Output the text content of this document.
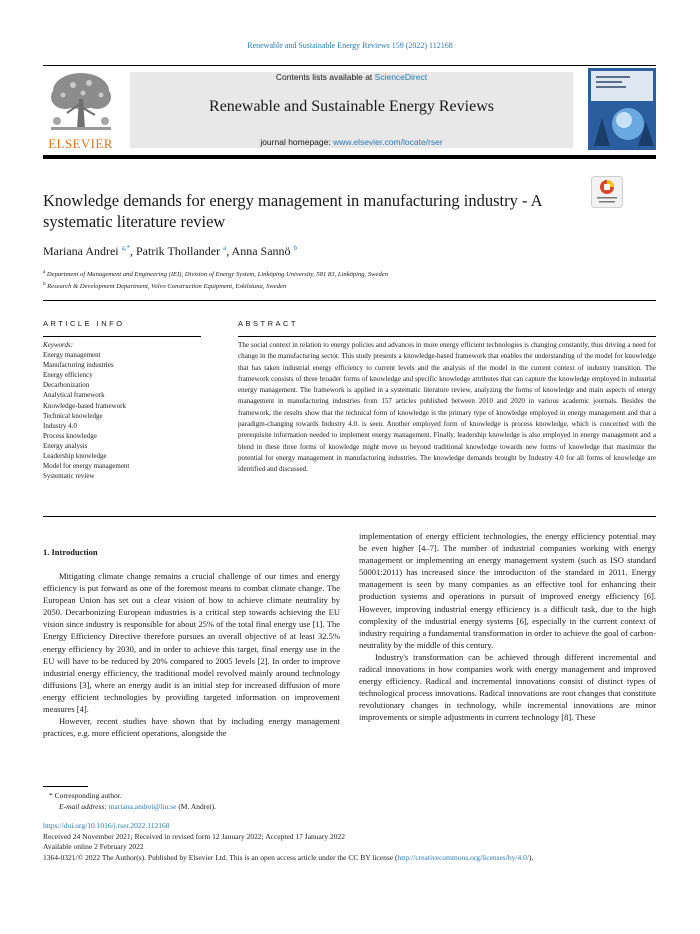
Renewable and Sustainable Energy Reviews 159 (2022) 112168
ELSEVIER
Contents lists available at ScienceDirect
Renewable and Sustainable Energy Reviews
journal homepage: www.elsevier.com/locate/rser
Knowledge demands for energy management in manufacturing industry - A systematic literature review
Mariana Andrei $^{a,*}$, Patrik Thollander $^a$, Anna Sannö $^b$
$^a$ Department of Management and Engineering (IEI), Division of Energy System, Linköping University, 581 83, Linköping, Sweden
$^b$ Research & Development Department, Volvo Construction Equipment, Eskilstuna, Sweden
ARTICLE INFO	ABSTRACT
Keywords:
Energy management
Manufacturing industries
Energy efficiency
Decarbonization
Analytical framework
Knowledge-based framework
Technical knowledge
Industry 4.0
Process knowledge
Energy analysis
Leadership knowledge
Model for energy management
Systematic review
The social context in relation to energy policies and advances in more energy efficient technologies is changing constantly, thus driving a need for change in the manufacturing sector. This study presents a knowledge-based framework that enables the understanding of the model for knowledge that has taken industrial energy efficiency to current levels and the analysis of the model in the current context of industry transition. The framework consists of three broader forms of knowledge and specific knowledge attributes that can capture the knowledge employed in industrial energy management. The framework is applied in a systematic literature review, analyzing the forms of knowledge and main aspects of energy management in manufacturing industries from 157 articles published between 2010 and 2020 in various academic journals. Besides the framework, the results show that the technical form of knowledge is the primary type of knowledge employed in energy management and that a paradigm-changing towards Industry 4.0. is seen. Another employed form of knowledge is process knowledge, which is concerned with the prerequisite information needed to implement energy management. Finally, leadership knowledge is also employed in energy management and a blend in these three forms of knowledge might move us beyond traditional knowledge towards new forms of knowledge that maximize the potential for energy management in manufacturing industries. The knowledge demands brought by Industry 4.0 for all forms of knowledge are identified and discussed.
1. Introduction

Mitigating climate change remains a crucial challenge of our times and energy efficiency is put forward as one of the foremost means to combat climate change. The European Union has set out a clear vision of how to achieve climate neutrality by 2050. Decarbonizing European industries is a critical step towards achieving the EU vision since industry is responsible for about 25% of the total final energy use [1]. The Energy Efficiency Directive therefore pursues an overall objective of at least 32.5% energy efficiency by 2030, and in order to achieve this target, final energy use in the EU will have to be reduced by 20% compared to 2005 levels [2]. In order to improve industrial energy efficiency, the traditional model revolved mainly around technology diffusions [3], where an energy audit is an initial step for increased diffusion of more energy efficient technologies by providing targeted information on improvement measures [4].

However, recent studies have shown that by including energy management practices, e.g. more efficient operations, alongside the

implementation of energy efficient technologies, the energy efficiency potential may be even higher [4–7]. The number of industrial companies working with energy management or implementing an energy management system (such as ISO standard 50001:2011) has increased since the introduction of the standard in 2011. Energy management is seen by many companies as an effective tool for enhancing their production systems and operations in pursuit of improved energy efficiency [6]. However, improving industrial energy efficiency is a difficult task, due to the high complexity of the industrial energy systems [6], especially in the current context of industry requiring a fundamental transformation in order to achieve the goal of carbon-neutrality by the middle of this century.

Industry's transformation can be achieved through different incremental and radical innovations in how companies work with energy management and improved energy efficiency. Radical and incremental innovations consist of distinct types of technological process innovations. Radical innovations are root changes that constitute revolutionary changes in technology, while incremental innovations are minor improvements or simple adjustments in current technology [8]. These

* Corresponding author.
E-mail address: mariana.andrei@liu.se (M. Andrei).
https://doi.org/10.1016/j.rser.2022.112168
Received 24 November 2021; Received in revised form 12 January 2022; Accepted 17 January 2022
Available online 2 February 2022
1364-0321/© 2022 The Author(s). Published by Elsevier Ltd. This is an open access article under the CC BY license (http://creativecommons.org/licenses/by/4.0/).
